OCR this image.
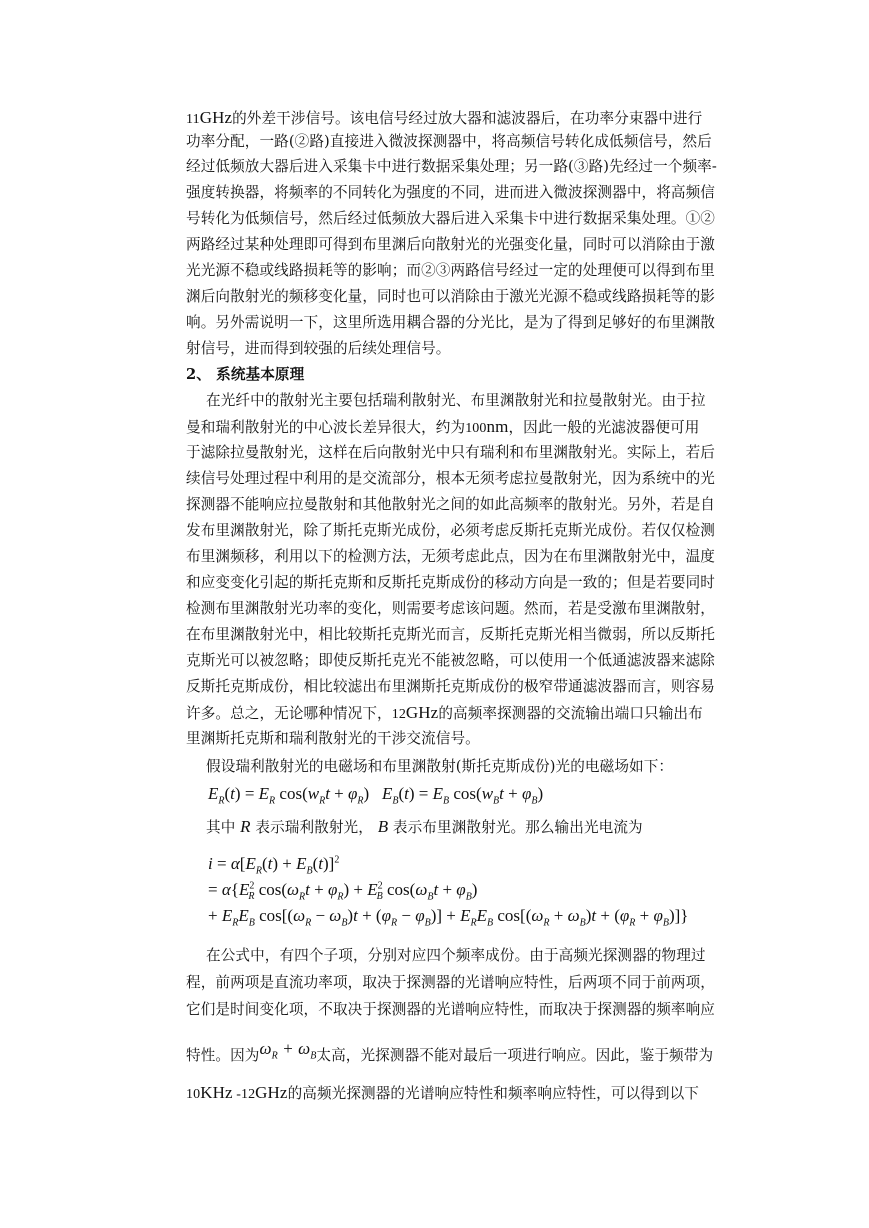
11GHz的外差干涉信号。该电信号经过放大器和滤波器后，在功率分束器中进行
功率分配，一路(②路)直接进入微波探测器中，将高频信号转化成低频信号，然后
经过低频放大器后进入采集卡中进行数据采集处理；另一路(③路)先经过一个频率-
强度转换器，将频率的不同转化为强度的不同，进而进入微波探测器中，将高频信
号转化为低频信号，然后经过低频放大器后进入采集卡中进行数据采集处理。①②
两路经过某种处理即可得到布里渊后向散射光的光强变化量，同时可以消除由于激
光光源不稳或线路损耗等的影响；而②③两路信号经过一定的处理便可以得到布里
渊后向散射光的频移变化量，同时也可以消除由于激光光源不稳或线路损耗等的影
响。另外需说明一下，这里所选用耦合器的分光比，是为了得到足够好的布里渊散
射信号，进而得到较强的后续处理信号。
2、 系统基本原理
在光纤中的散射光主要包括瑞利散射光、布里渊散射光和拉曼散射光。由于拉
曼和瑞利散射光的中心波长差异很大，约为100nm，因此一般的光滤波器便可用
于滤除拉曼散射光，这样在后向散射光中只有瑞利和布里渊散射光。实际上，若后
续信号处理过程中利用的是交流部分，根本无须考虑拉曼散射光，因为系统中的光
探测器不能响应拉曼散射和其他散射光之间的如此高频率的散射光。另外，若是自
发布里渊散射光，除了斯托克斯光成份，必须考虑反斯托克斯光成份。若仅仅检测
布里渊频移，利用以下的检测方法，无须考虑此点，因为在布里渊散射光中，温度
和应变变化引起的斯托克斯和反斯托克斯成份的移动方向是一致的；但是若要同时
检测布里渊散射光功率的变化，则需要考虑该问题。然而，若是受激布里渊散射，
在布里渊散射光中，相比较斯托克斯光而言，反斯托克斯光相当微弱，所以反斯托
克斯光可以被忽略；即使反斯托克光不能被忽略，可以使用一个低通滤波器来滤除
反斯托克斯成份，相比较滤出布里渊斯托克斯成份的极窄带通滤波器而言，则容易
许多。总之，无论哪种情况下，12GHz的高频率探测器的交流输出端口只输出布
里渊斯托克斯和瑞利散射光的干涉交流信号。
假设瑞利散射光的电磁场和布里渊散射(斯托克斯成份)光的电磁场如下：
$E_R(t) = E_R$ $\cos(w_Rt + \varphi_R) E_B(t) = E_B$ $\cos(w_Bt + \varphi_B)$
其中 R 表示瑞利散射光， B 表示布里渊散射光。那么输出光电流为
$i = \alpha[E_R(t) + E_B(t)]^2$
= $\alpha\{E^2_R$ $\cos(\omega_Rt + \varphi_R) + E^2_B$ $\cos(\omega_Bt + \varphi_B)$
+ $E_RE_B$ $\cos[(\omega_R - \omega_B)t + (\varphi_R - \varphi_B)] + E_RE_B$ $\cos[(\omega_R + \omega_B)t + (\varphi_R + \varphi_B)]$}
在公式中，有四个子项，分别对应四个频率成份。由于高频光探测器的物理过
程，前两项是直流功率项，取决于探测器的光谱响应特性，后两项不同于前两项，
它们是时间变化项，不取决于探测器的光谱响应特性，而取决于探测器的频率响应
特性。因为$\omega_R + \omega_B$太高，光探测器不能对最后一项进行响应。因此，鉴于频带为
10KHz -12GHz的高频光探测器的光谱响应特性和频率响应特性，可以得到以下
